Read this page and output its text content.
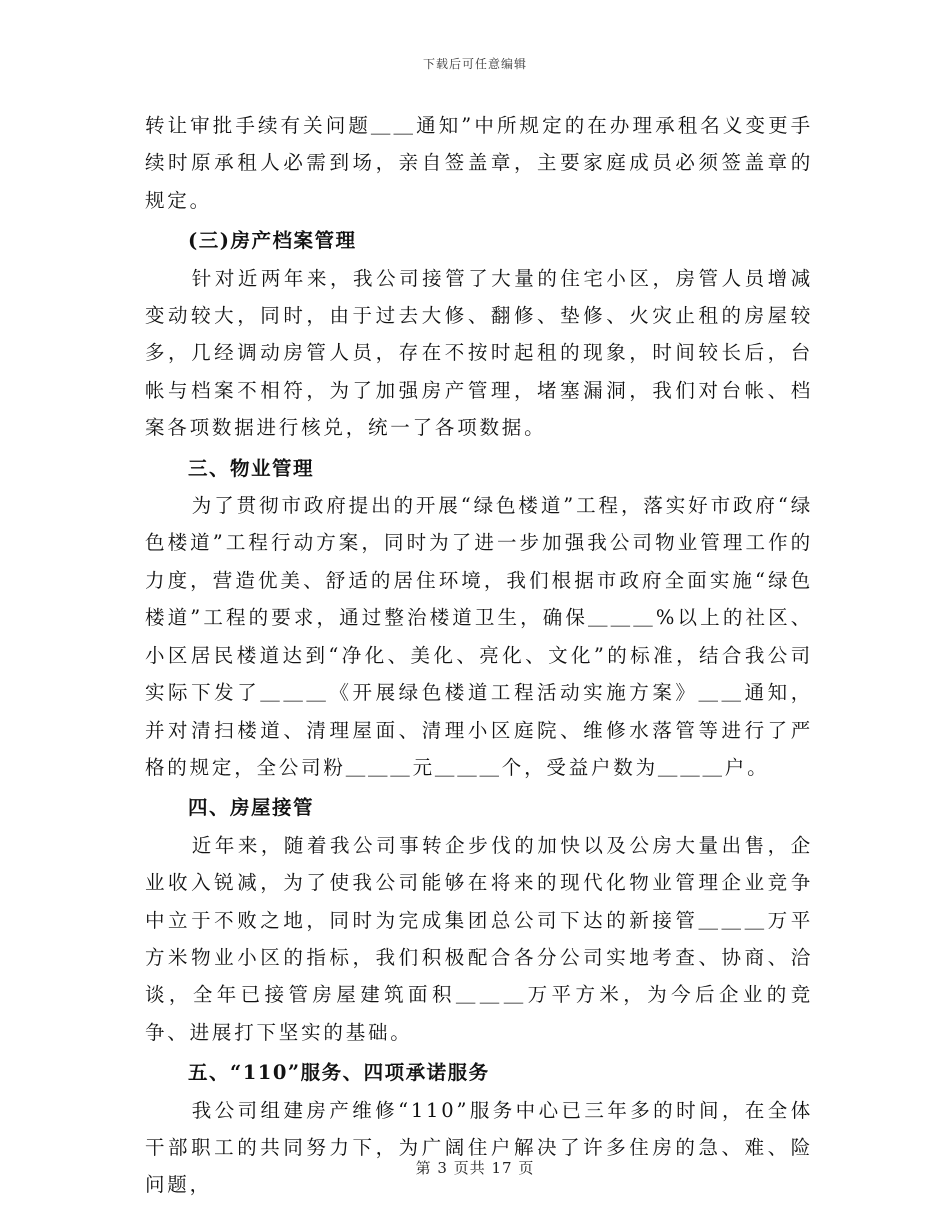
下载后可任意编辑

转让审批手续有关问题＿＿通知”中所规定的在办理承租名义变更手续时原承租人必需到场，亲自签盖章，主要家庭成员必须签盖章的规定。

(三)房产档案管理

针对近两年来，我公司接管了大量的住宅小区，房管人员增减变动较大，同时，由于过去大修、翻修、垫修、火灾止租的房屋较多，几经调动房管人员，存在不按时起租的现象，时间较长后，台帐与档案不相符，为了加强房产管理，堵塞漏洞，我们对台帐、档案各项数据进行核兑，统一了各项数据。

三、物业管理

为了贯彻市政府提出的开展“绿色楼道”工程，落实好市政府“绿色楼道”工程行动方案，同时为了进一步加强我公司物业管理工作的力度，营造优美、舒适的居住环境，我们根据市政府全面实施“绿色楼道”工程的要求，通过整治楼道卫生，确保＿＿＿%以上的社区、小区居民楼道达到“净化、美化、亮化、文化”的标准，结合我公司实际下发了＿＿＿《开展绿色楼道工程活动实施方案》＿＿通知，并对清扫楼道、清理屋面、清理小区庭院、维修水落管等进行了严格的规定，全公司粉＿＿＿元＿＿＿个，受益户数为＿＿＿户。

四、房屋接管

近年来，随着我公司事转企步伐的加快以及公房大量出售，企业收入锐减，为了使我公司能够在将来的现代化物业管理企业竞争中立于不败之地，同时为完成集团总公司下达的新接管＿＿＿万平方米物业小区的指标，我们积极配合各分公司实地考查、协商、洽谈，全年已接管房屋建筑面积＿＿＿万平方米，为今后企业的竞争、进展打下坚实的基础。

五、“110”服务、四项承诺服务

我公司组建房产维修“110”服务中心已三年多的时间，在全体干部职工的共同努力下，为广阔住户解决了许多住房的急、难、险问题，

第 3 页共 17 页
